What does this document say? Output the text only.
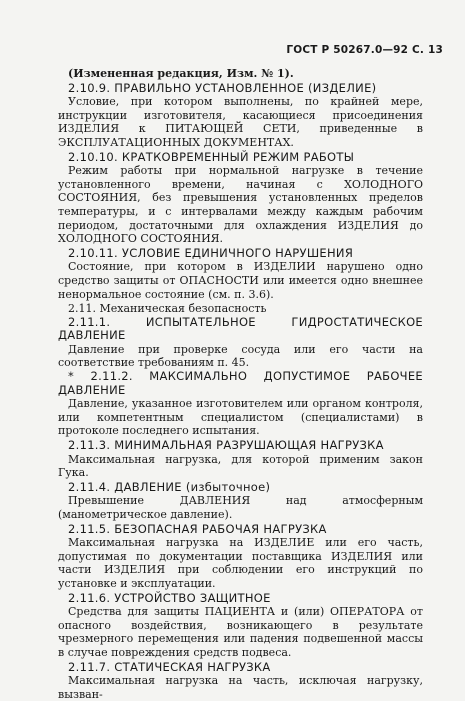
ГОСТ Р 50267.0—92 С. 13
(Измененная редакция, Изм. № 1).
2.10.9. ПРАВИЛЬНО УСТАНОВЛЕННОЕ (ИЗДЕЛИЕ)
Условие, при котором выполнены, по крайней мере, инструкции изготовителя, касающиеся присоединения ИЗДЕЛИЯ к ПИТАЮЩЕЙ СЕТИ, приведенные в ЭКСПЛУАТАЦИОННЫХ ДОКУМЕНТАХ.
2.10.10. КРАТКОВРЕМЕННЫЙ РЕЖИМ РАБОТЫ
Режим работы при нормальной нагрузке в течение установленного времени, начиная с ХОЛОДНОГО СОСТОЯНИЯ, без превышения установленных пределов температуры, и с интервалами между каждым рабочим периодом, достаточными для охлаждения ИЗДЕЛИЯ до ХОЛОДНОГО СОСТОЯНИЯ.
2.10.11. УСЛОВИЕ ЕДИНИЧНОГО НАРУШЕНИЯ
Состояние, при котором в ИЗДЕЛИИ нарушено одно средство защиты от ОПАСНОСТИ или имеется одно внешнее ненормальное состояние (см. п. 3.6).
2.11. Механическая безопасность
2.11.1. ИСПЫТАТЕЛЬНОЕ ГИДРОСТАТИЧЕСКОЕ ДАВЛЕНИЕ
Давление при проверке сосуда или его части на соответствие требованиям п. 45.
* 2.11.2. МАКСИМАЛЬНО ДОПУСТИМОЕ РАБОЧЕЕ ДАВЛЕНИЕ
Давление, указанное изготовителем или органом контроля, или компетентным специалистом (специалистами) в протоколе последнего испытания.
2.11.3. МИНИМАЛЬНАЯ РАЗРУШАЮЩАЯ НАГРУЗКА
Максимальная нагрузка, для которой применим закон Гука.
2.11.4. ДАВЛЕНИЕ (избыточное)
Превышение ДАВЛЕНИЯ над атмосферным (манометрическое давление).
2.11.5. БЕЗОПАСНАЯ РАБОЧАЯ НАГРУЗКА
Максимальная нагрузка на ИЗДЕЛИЕ или его часть, допустимая по документации поставщика ИЗДЕЛИЯ или части ИЗДЕЛИЯ при соблюдении его инструкций по установке и эксплуатации.
2.11.6. УСТРОЙСТВО ЗАЩИТНОЕ
Средства для защиты ПАЦИЕНТА и (или) ОПЕРАТОРА от опасного воздействия, возникающего в результате чрезмерного перемещения или падения подвешенной массы в случае повреждения средств подвеса.
2.11.7. СТАТИЧЕСКАЯ НАГРУЗКА
Максимальная нагрузка на часть, исключая нагрузку, вызван-
